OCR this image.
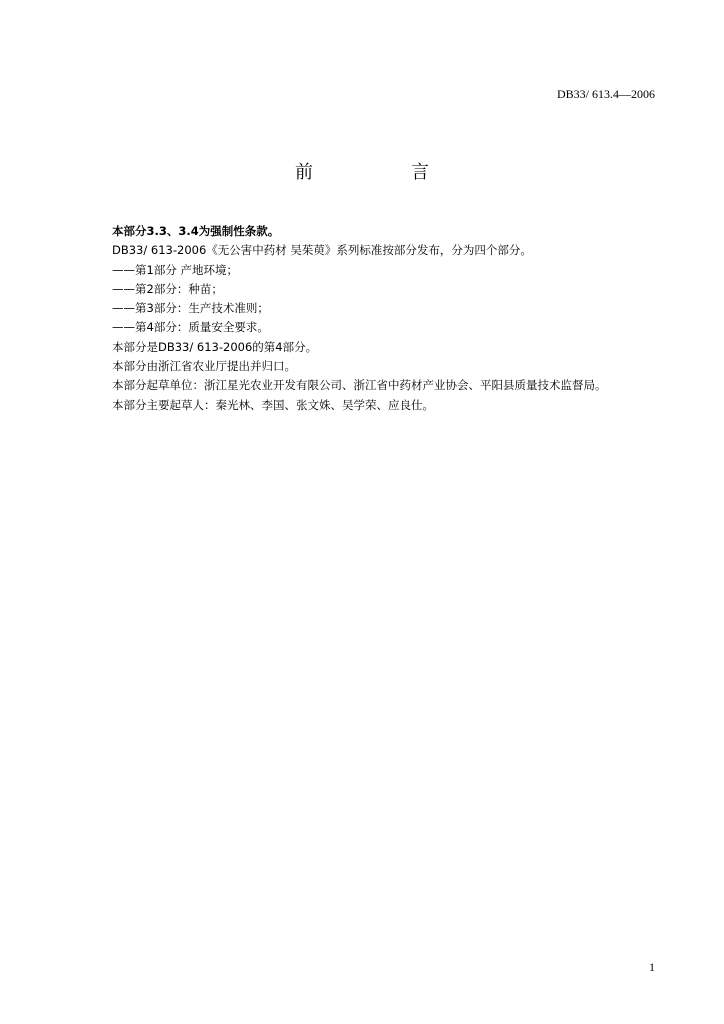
DB33/ 613.4—2006
前　言

本部分3.3、3.4为强制性条款。

DB33/ 613-2006《无公害中药材 吴茱萸》系列标准按部分发布，分为四个部分。

——第1部分 产地环境；

——第2部分：种苗；

——第3部分：生产技术准则；

——第4部分：质量安全要求。

本部分是DB33/ 613-2006的第4部分。

本部分由浙江省农业厅提出并归口。

本部分起草单位：浙江星光农业开发有限公司、浙江省中药材产业协会、平阳县质量技术监督局。

本部分主要起草人：秦光林、李国、张文姝、吴学荣、应良仕。

1
